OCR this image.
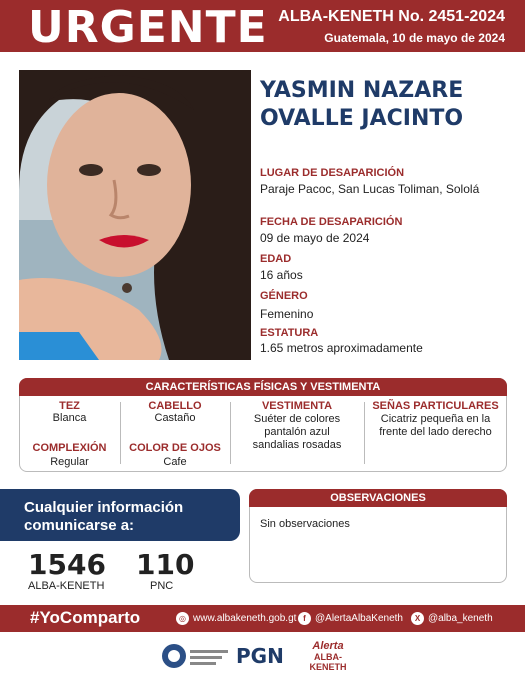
URGENTE ALBA-KENETH No. 2451-2024
Guatemala, 10 de mayo de 2024
YASMIN NAZARE
OVALLE JACINTO
LUGAR DE DESAPARICIÓN
Paraje Pacoc, San Lucas Toliman, Sololá
FECHA DE DESAPARICIÓN
09 de mayo de 2024
EDAD
16 años
GÉNERO
Femenino
ESTATURA
1.65 metros aproximadamente
CARACTERÍSTICAS FÍSICAS Y VESTIMENTA
TEZ
Blanca
CABELLO
Castaño
COMPLEXIÓN
Regular
COLOR DE OJOS
Cafe
VESTIMENTA
Suéter de colores
pantalón azul
sandalias rosadas
SEÑAS PARTICULARES
Cicatriz pequeña en la
frente del lado derecho
Cualquier información
comunicarse a:
1546
ALBA-KENETH
110
PNC
OBSERVACIONES
Sin observaciones
#YoComparto	◎ www.albakeneth.gob.gt f @AlertaAlbaKeneth	X @alba_keneth
PGN	Alerta
ALBA-KENETH
